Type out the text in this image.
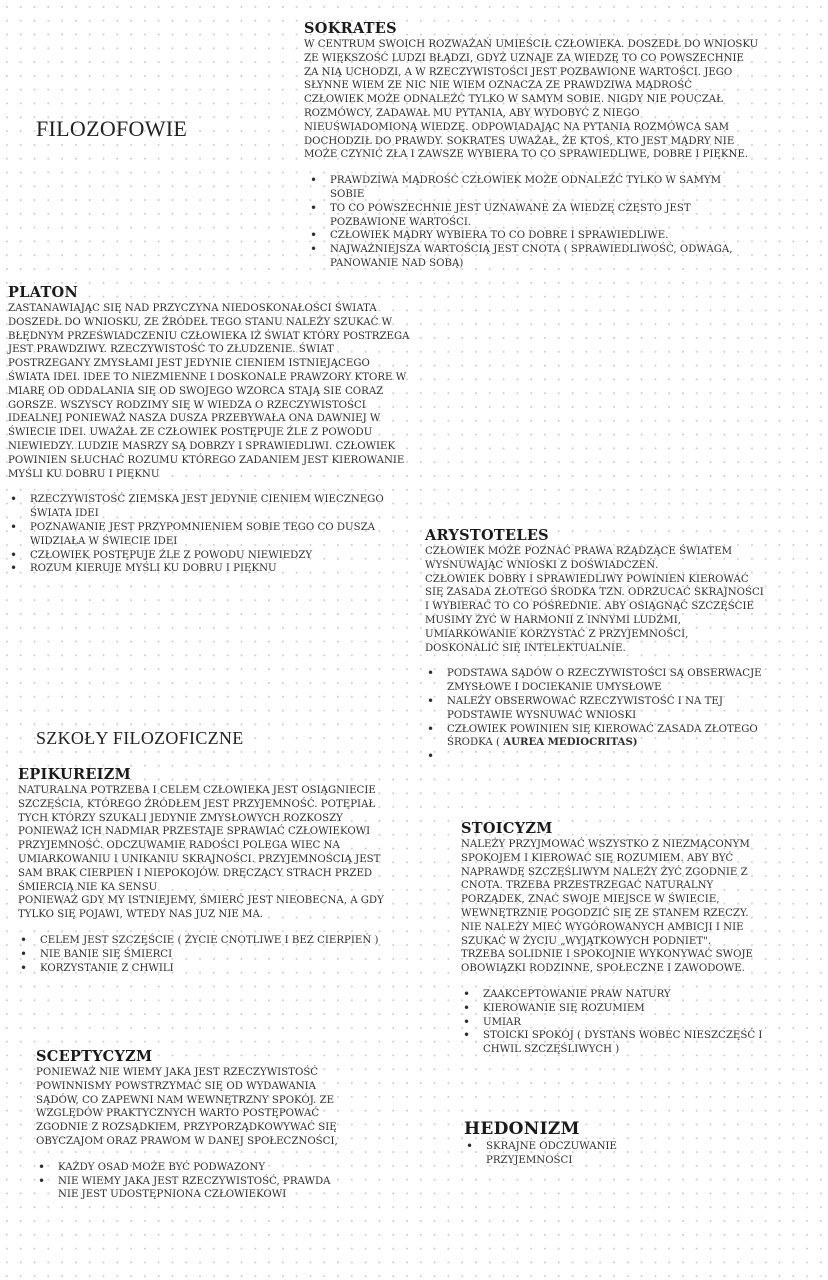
FILOZOFOWIE
SZKOŁY FILOZOFICZNE
SOKRATES

W CENTRUM SWOICH ROZWAŻAŃ UMIEŚCIŁ CZŁOWIEKA. DOSZEDŁ DO WNIOSKU
ZE WIĘKSZOŚĆ LUDZI BŁĄDZI, GDYŻ UZNAJE ZA WIEDZĘ TO CO POWSZECHNIE
ZA NIĄ UCHODZI, A W RZECZYWISTOŚCI JEST POZBAWIONE WARTOŚCI. JEGO
SŁYNNE WIEM ZE NIC NIE WIEM OZNACZA ZE PRAWDZIWA MĄDROŚĆ
CZŁOWIEK MOŻE ODNALEŹĆ TYLKO W SAMYM SOBIE. NIGDY NIE POUCZAŁ
ROZMÓWCY, ZADAWAŁ MU PYTANIA, ABY WYDOBYĆ Z NIEGO
NIEUŚWIADOMIONĄ WIEDZĘ. ODPOWIADAJĄC NA PYTANIA ROZMÓWCA SAM
DOCHODZIŁ DO PRAWDY. SOKRATES UWAŻAŁ, ŻE KTOŚ, KTO JEST MĄDRY NIE
MOŻE CZYNIĆ ZŁA I ZAWSZE WYBIERA TO CO SPRAWIEDLIWE, DOBRE I PIĘKNE.

• PRAWDZIWA MĄDROŚĆ CZŁOWIEK MOŻE ODNALEŹĆ TYLKO W SAMYM
SOBIE
• TO CO POWSZECHNIE JEST UZNAWANE ZA WIEDZĘ CZĘSTO JEST
POZBAWIONE WARTOŚCI.
• CZŁOWIEK MĄDRY WYBIERA TO CO DOBRE I SPRAWIEDLIWE.
• NAJWAŻNIEJSZA WARTOŚCIĄ JEST CNOTA ( SPRAWIEDLIWOŚĆ, ODWAGA,
PANOWANIE NAD SOBĄ)
PLATON

ZASTANAWIAJĄC SIĘ NAD PRZYCZYNA NIEDOSKONAŁOŚCI ŚWIATA
DOSZEDŁ DO WNIOSKU, ZE ŹRÓDEŁ TEGO STANU NALEŻY SZUKAĆ W
BŁĘDNYM PRZEŚWIADCZENIU CZŁOWIEKA IŻ ŚWIAT KTÓRY POSTRZEGA
JEST PRAWDZIWY. RZECZYWISTOŚĆ TO ZŁUDZENIE. ŚWIAT
POSTRZEGANY ZMYSŁAMI JEST JEDYNIE CIENIEM ISTNIEJĄCEGO
ŚWIATA IDEI. IDEE TO NIEZMIENNE I DOSKONALE PRAWZORY KTORE W
MIARĘ OD ODDALANIA SIĘ OD SWOJEGO WZORCA STAJĄ SIE CORAZ
GORSZE. WSZYSCY RODZIMY SIĘ W WIEDZA O RZECZYWISTOŚCI
IDEALNEJ PONIEWAŻ NASZA DUSZA PRZEBYWAŁA ONA DAWNIEJ W
ŚWIECIE IDEI. UWAŻAŁ ZE CZŁOWIEK POSTĘPUJE ŹLE Z POWODU
NIEWIEDZY. LUDZIE MASRZY SĄ DOBRZY I SPRAWIEDLIWI. CZŁOWIEK
POWINIEN SŁUCHAĆ ROZUMU KTÓREGO ZADANIEM JEST KIEROWANIE
MYŚLI KU DOBRU I PIĘKNU

• RZECZYWISTOŚĆ ZIEMSKA JEST JEDYNIE CIENIEM WIECZNEGO
ŚWIATA IDEI
• POZNAWANIE JEST PRZYPOMNIENIEM SOBIE TEGO CO DUSZA
WIDZIAŁA W ŚWIECIE IDEI
• CZŁOWIEK POSTĘPUJE ŹLE Z POWODU NIEWIEDZY
• ROZUM KIERUJE MYŚLI KU DOBRU I PIĘKNU
ARYSTOTELES

CZŁOWIEK MOŻE POZNAĆ PRAWA RZĄDZĄCE ŚWIATEM
WYSNUWAJĄC WNIOSKI Z DOŚWIADCZEŃ.
CZŁOWIEK DOBRY I SPRAWIEDLIWY POWINIEN KIEROWAĆ
SIĘ ZASADA ZŁOTEGO ŚRODKA TZN. ODRZUCAĆ SKRAJNOŚCI
I WYBIERAĆ TO CO POŚREDNIE. ABY OSIĄGNĄĆ SZCZĘŚCIE
MUSIMY ŻYĆ W HARMONII Z INNYMI LUDŹMI,
UMIARKOWANIE KORZYSTAĆ Z PRZYJEMNOŚCI,
DOSKONALIĆ SIĘ INTELEKTUALNIE.

• PODSTAWA SĄDÓW O RZECZYWISTOŚCI SĄ OBSERWACJE
ZMYSŁOWE I DOCIEKANIE UMYSŁOWE
• NALEŻY OBSERWOWAĆ RZECZYWISTOŚĆ I NA TEJ
PODSTAWIE WYSNUWAĆ WNIOSKI
• CZŁOWIEK POWINIEN SIĘ KIEROWAĆ ZASADA ZŁOTEGO
ŚRODKA ( AUREA MEDIOCRITAS)
EPIKUREIZM

NATURALNA POTRZEBA I CELEM CZŁOWIEKA JEST OSIĄGNIECIE
SZCZĘŚCIA, KTÓREGO ŹRÓDŁEM JEST PRZYJEMNOŚĆ. POTĘPIAŁ
TYCH KTÓRZY SZUKALI JEDYNIE ZMYSŁOWYCH ROZKOSZY
PONIEWAŻ ICH NADMIAR PRZESTAJE SPRAWIAĆ CZŁOWIEKOWI
PRZYJEMNOŚĆ. ODCZUWAMIE RADOŚCI POLEGA WIEC NA
UMIARKOWANIU I UNIKANIU SKRAJNOŚCI. PRZYJEMNOŚCIĄ JEST
SAM BRAK CIERPIEŃ I NIEPOKOJÓW. DRĘCZĄCY STRACH PRZED
ŚMIERCIĄ NIE KA SENSU
PONIEWAŻ GDY MY ISTNIEJEMY, ŚMIERĆ JEST NIEOBECNA, A GDY
TYLKO SIĘ POJAWI, WTEDY NAS JUZ NIE MA.

• CELEM JEST SZCZĘŚCIE ( ŻYCIE CNOTLIWE I BEZ CIERPIEŃ )
• NIE BANIE SIĘ ŚMIERCI
• KORZYSTANIE Z CHWILI
STOICYZM

NALEŻY PRZYJMOWAĆ WSZYSTKO Z NIEZMĄCONYM
SPOKOJEM I KIEROWAĆ SIĘ ROZUMIEM. ABY BYĆ
NAPRAWDĘ SZCZĘŚLIWYM NALEŻY ŻYĆ ZGODNIE Z
CNOTA. TRZEBA PRZESTRZEGAĆ NATURALNY
PORZĄDEK, ZNAĆ SWOJE MIEJSCE W ŚWIECIE,
WEWNĘTRZNIE POGODZIĆ SIĘ ZE STANEM RZECZY.
NIE NALEŻY MIEĆ WYGÓROWANYCH AMBICJI I NIE
SZUKAĆ W ŻYCIU „WYJĄTKOWYCH PODNIET".
TRZEBA SOLIDNIE I SPOKOJNIE WYKONYWAĆ SWOJE
OBOWIĄZKI RODZINNE, SPOŁECZNE I ZAWODOWE.

• ZAAKCEPTOWANIE PRAW NATURY
• KIEROWANIE SIĘ ROZUMIEM
• UMIAR
• STOICKI SPOKÓJ ( DYSTANS WOBEC NIESZCZĘŚĆ I
CHWIL SZCZĘŚLIWYCH )
SCEPTYCYZM

PONIEWAŻ NIE WIEMY JAKA JEST RZECZYWISTOŚĆ
POWINNISMY POWSTRZYMAĆ SIĘ OD WYDAWANIA
SĄDÓW, CO ZAPEWNI NAM WEWNĘTRZNY SPOKÓJ. ZE
WZGLĘDÓW PRAKTYCZNYCH WARTO POSTĘPOWAĆ
ZGODNIE Z ROZSĄDKIEM, PRZYPORZĄDKOWYWAĆ SIĘ
OBYCZAJOM ORAZ PRAWOM W DANEJ SPOŁECZNOŚCI,

• KAŻDY OSAD MOŻE BYĆ PODWAZONY
• NIE WIEMY JAKA JEST RZECZYWISTOŚĆ, PRAWDA
NIE JEST UDOSTĘPNIONA CZŁOWIEKOWI
HEDONIZM
• SKRAJNE ODCZUWANIE
PRZYJEMNOŚCI
